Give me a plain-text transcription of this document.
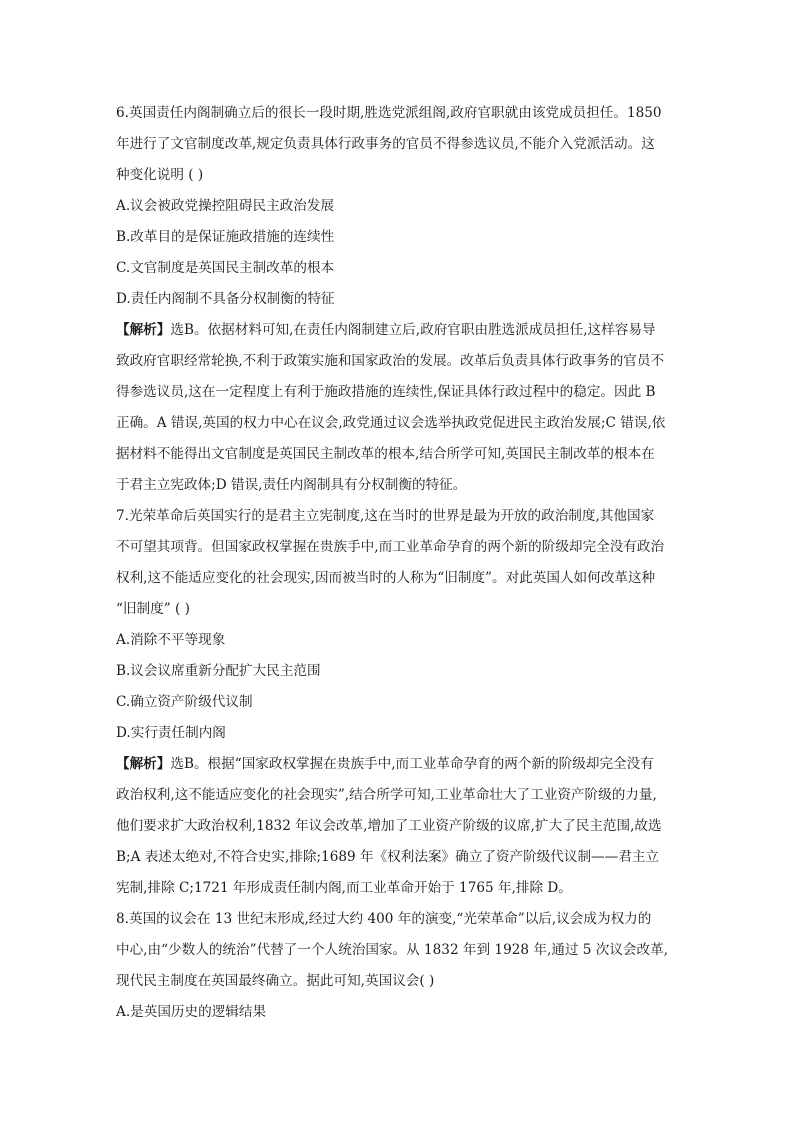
6.英国责任内阁制确立后的很长一段时期,胜选党派组阁,政府官职就由该党成员担任。1850
年进行了文官制度改革,规定负责具体行政事务的官员不得参选议员,不能介入党派活动。这
种变化说明 ( )
A.议会被政党操控阻碍民主政治发展
B.改革目的是保证施政措施的连续性
C.文官制度是英国民主制改革的根本
D.责任内阁制不具备分权制衡的特征
【解析】选B。依据材料可知,在责任内阁制建立后,政府官职由胜选派成员担任,这样容易导
致政府官职经常轮换,不利于政策实施和国家政治的发展。改革后负责具体行政事务的官员不
得参选议员,这在一定程度上有利于施政措施的连续性,保证具体行政过程中的稳定。因此 B
正确。A 错误,英国的权力中心在议会,政党通过议会选举执政党促进民主政治发展;C 错误,依
据材料不能得出文官制度是英国民主制改革的根本,结合所学可知,英国民主制改革的根本在
于君主立宪政体;D 错误,责任内阁制具有分权制衡的特征。
7.光荣革命后英国实行的是君主立宪制度,这在当时的世界是最为开放的政治制度,其他国家
不可望其项背。但国家政权掌握在贵族手中,而工业革命孕育的两个新的阶级却完全没有政治
权利,这不能适应变化的社会现实,因而被当时的人称为“旧制度”。对此英国人如何改革这种
“旧制度” ( )
A.消除不平等现象
B.议会议席重新分配扩大民主范围
C.确立资产阶级代议制
D.实行责任制内阁
【解析】选B。根据“国家政权掌握在贵族手中,而工业革命孕育的两个新的阶级却完全没有
政治权利,这不能适应变化的社会现实”,结合所学可知,工业革命壮大了工业资产阶级的力量,
他们要求扩大政治权利,1832 年议会改革,增加了工业资产阶级的议席,扩大了民主范围,故选
B;A 表述太绝对,不符合史实,排除;1689 年《权利法案》确立了资产阶级代议制——君主立
宪制,排除 C;1721 年形成责任制内阁,而工业革命开始于 1765 年,排除 D。
8.英国的议会在 13 世纪末形成,经过大约 400 年的演变,“光荣革命”以后,议会成为权力的
中心,由“少数人的统治”代替了一个人统治国家。从 1832 年到 1928 年,通过 5 次议会改革,
现代民主制度在英国最终确立。据此可知,英国议会( )
A.是英国历史的逻辑结果
